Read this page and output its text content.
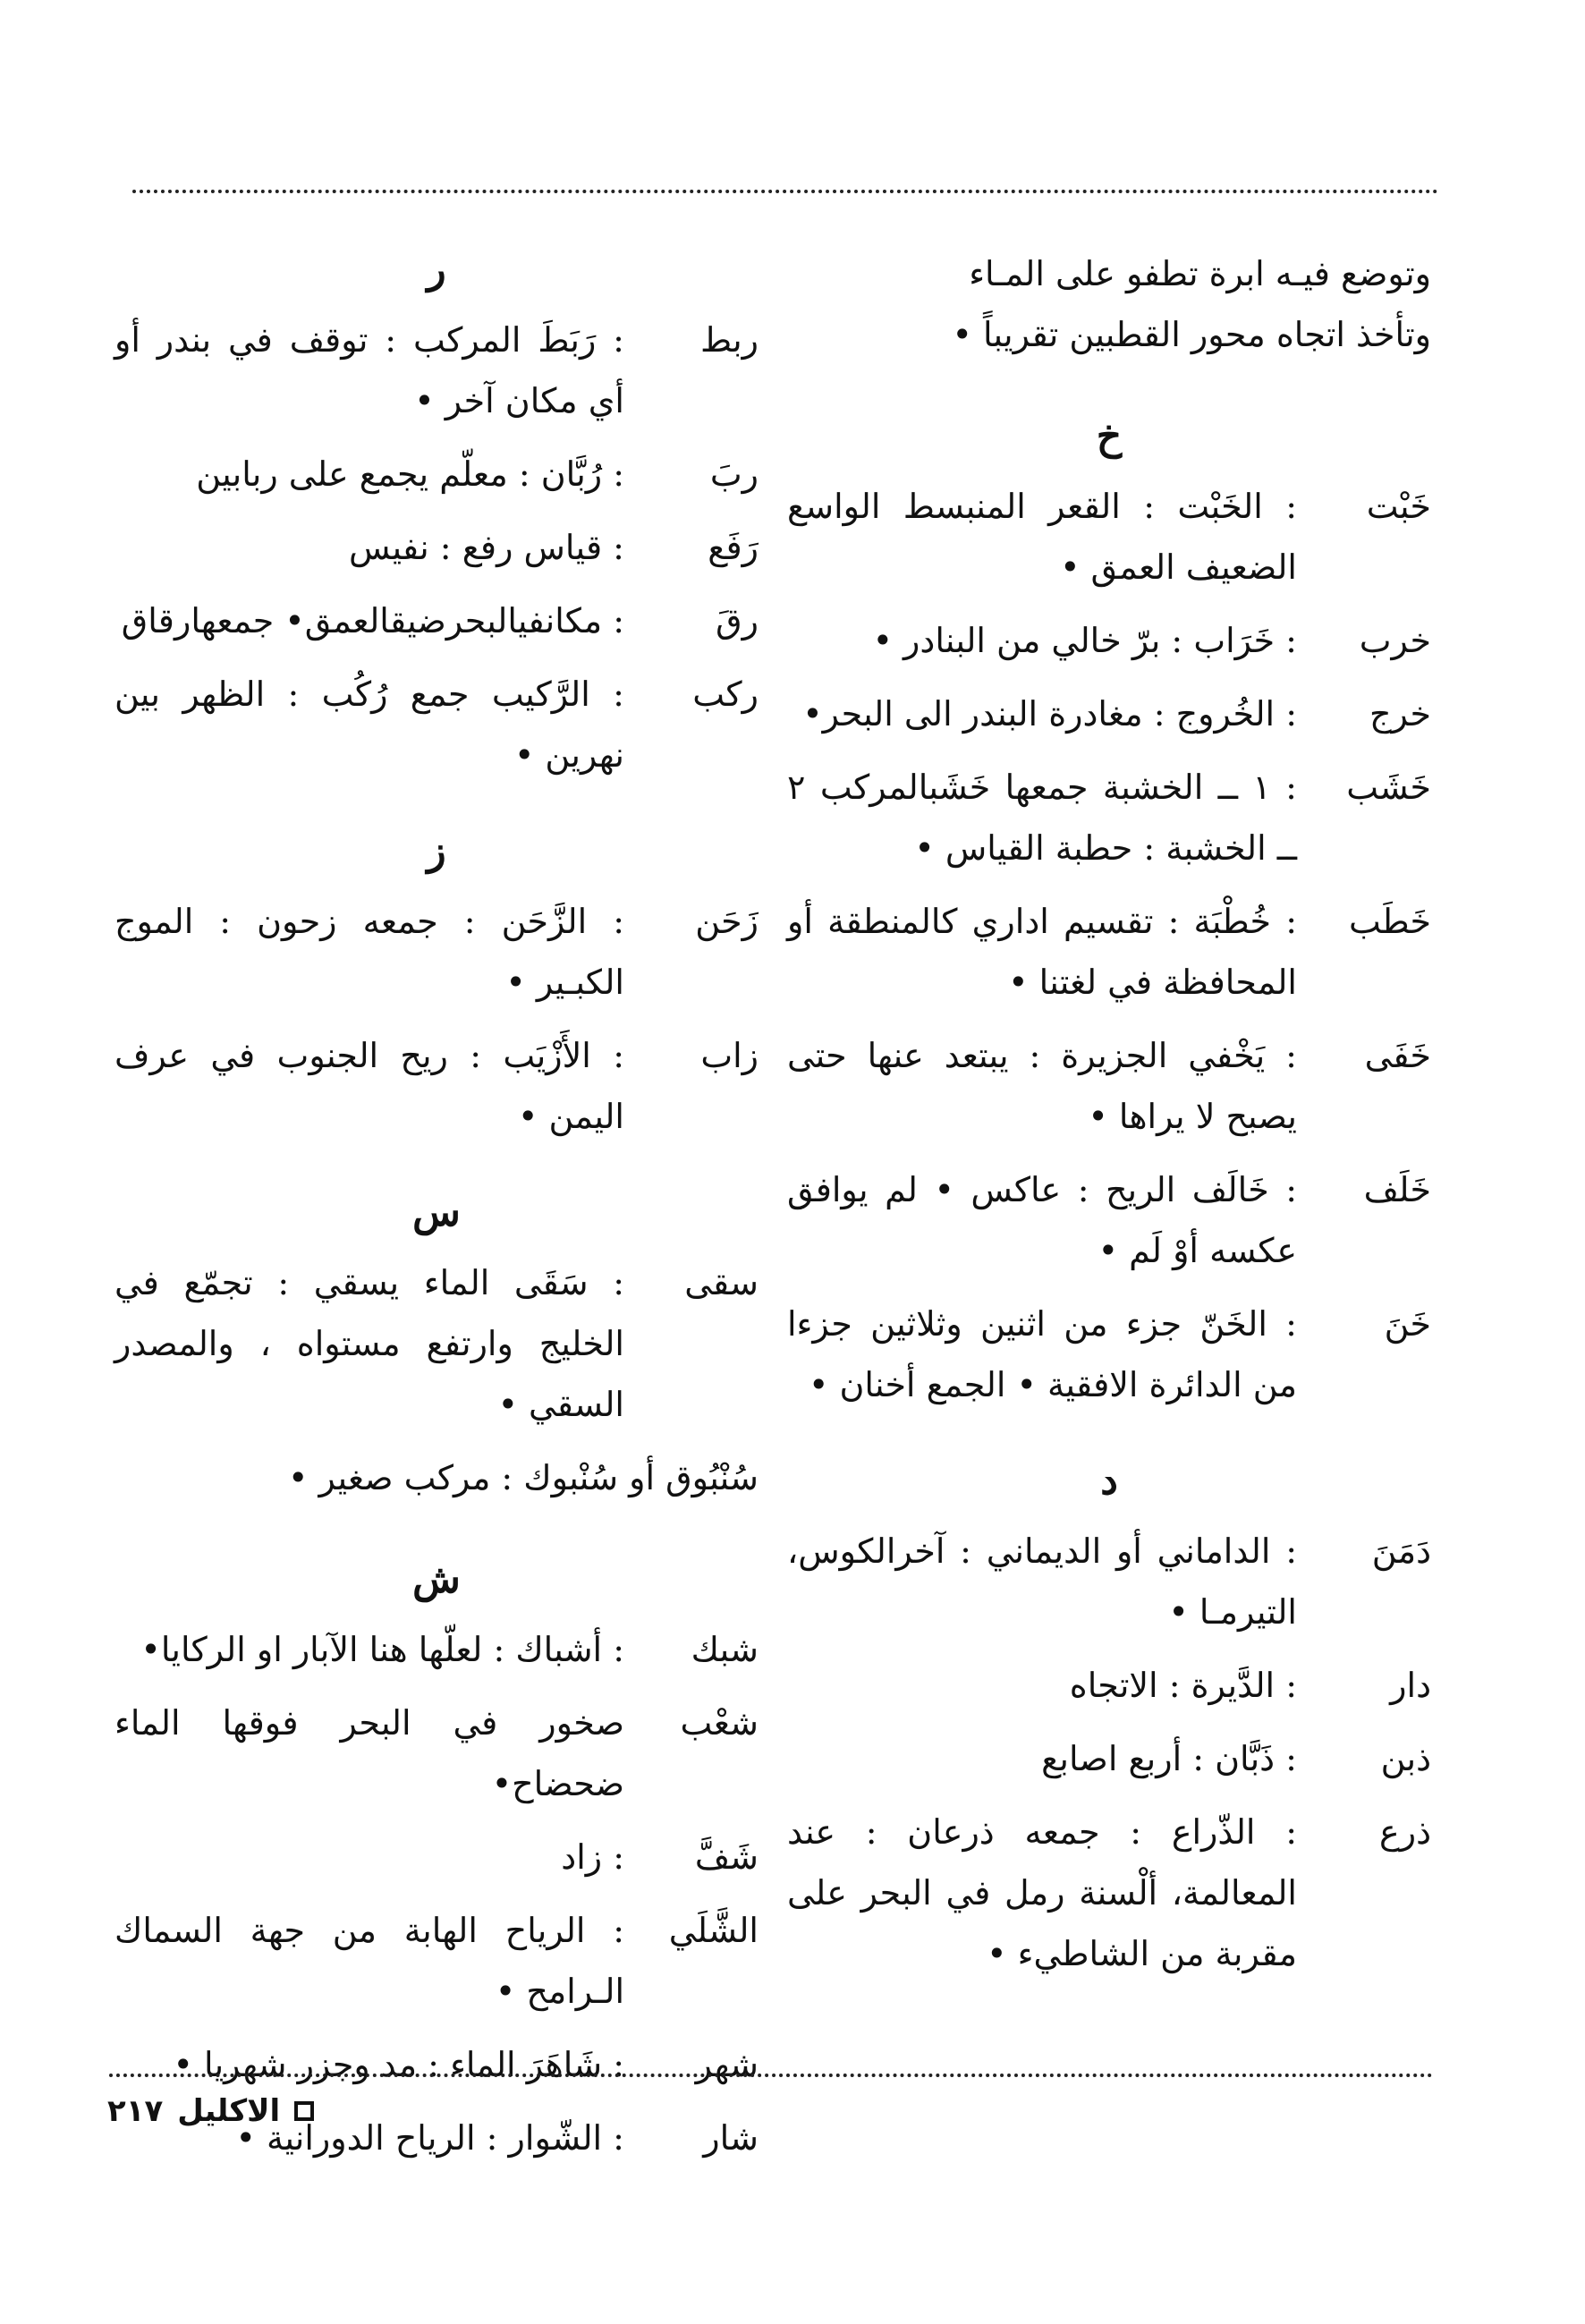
وتوضع فيـه ابرة تطفو على المـاء
وتأخذ اتجاه محور القطبين تقريباً •
خ
خَبْت
: الخَبْت : القعر المنبسط الواسع الضعيف العمق •
خرب
: خَرَاب : برّ خالي من البنادر •
خرج
: الخُروج : مغادرة البندر الى البحر•
خَشَب
: ١ ــ الخشبة جمعها خَشَبالمركب ٢ ــ الخشبة : حطبة القياس •
خَطَب
: خُطْبَة : تقسيم اداري كالمنطقة أو المحافظة في لغتنا •
خَفَى
: يَخْفي الجزيرة : يبتعد عنها حتى يصبح لا يراها •
خَلَف
: خَالَف الريح : عاكس • لم يوافق عكسه أوْ لَم •
خَنَ
: الخَنّ جزء من اثنين وثلاثين جزءا من الدائرة الافقية • الجمع أخنان •
د
دَمَنَ
: الداماني أو الديماني : آخرالكوس، التيرمـا •
دار
: الدَّيرة : الاتجاه
ذبن
: ذَبَّان : أربع اصابع
ذرع
: الذّراع : جمعه ذرعان : عند المعالمة، ألْسنة رمل في البحر على مقربة من الشاطيء •
ر
ربط
: رَبَطَ المركب : توقف في بندر أو أي مكان آخر •
ربَ
: رُبَّان : معلّم يجمع على ربابين
رَفَع
: قياس رفع : نفيس
رقَ
: مكانفيالبحرضيقالعمق• جمعهارقاق
ركب
: الرَّكيب جمع رُكُب : الظهر بين نهرين •
ز
زَحَن
: الزَّحَن : جمعه زحون : الموج الكبـير •
زاب
: الأَزْيَب : ريح الجنوب في عرف اليمن •
س
سقى
: سَقَى الماء يسقي : تجمّع في الخليج وارتفع مستواه ، والمصدر السقي •
سُنْبُوق أو سُنْبوك : مركب صغير •
ش
شبك
: أشباك : لعلّها هنا الآبار او الركايا•
شعْب
صخور في البحر فوقها الماء ضحضاح•
شَفَّ
: زاد
الشَّلَي
: الرياح الهابة من جهة السماك الـرامح •
شهر
: شَاهَرَ الماء : مد وجزر شهريا •
شار
: الشّوار : الرياح الدورانية •
الاكليل
٢١٧
